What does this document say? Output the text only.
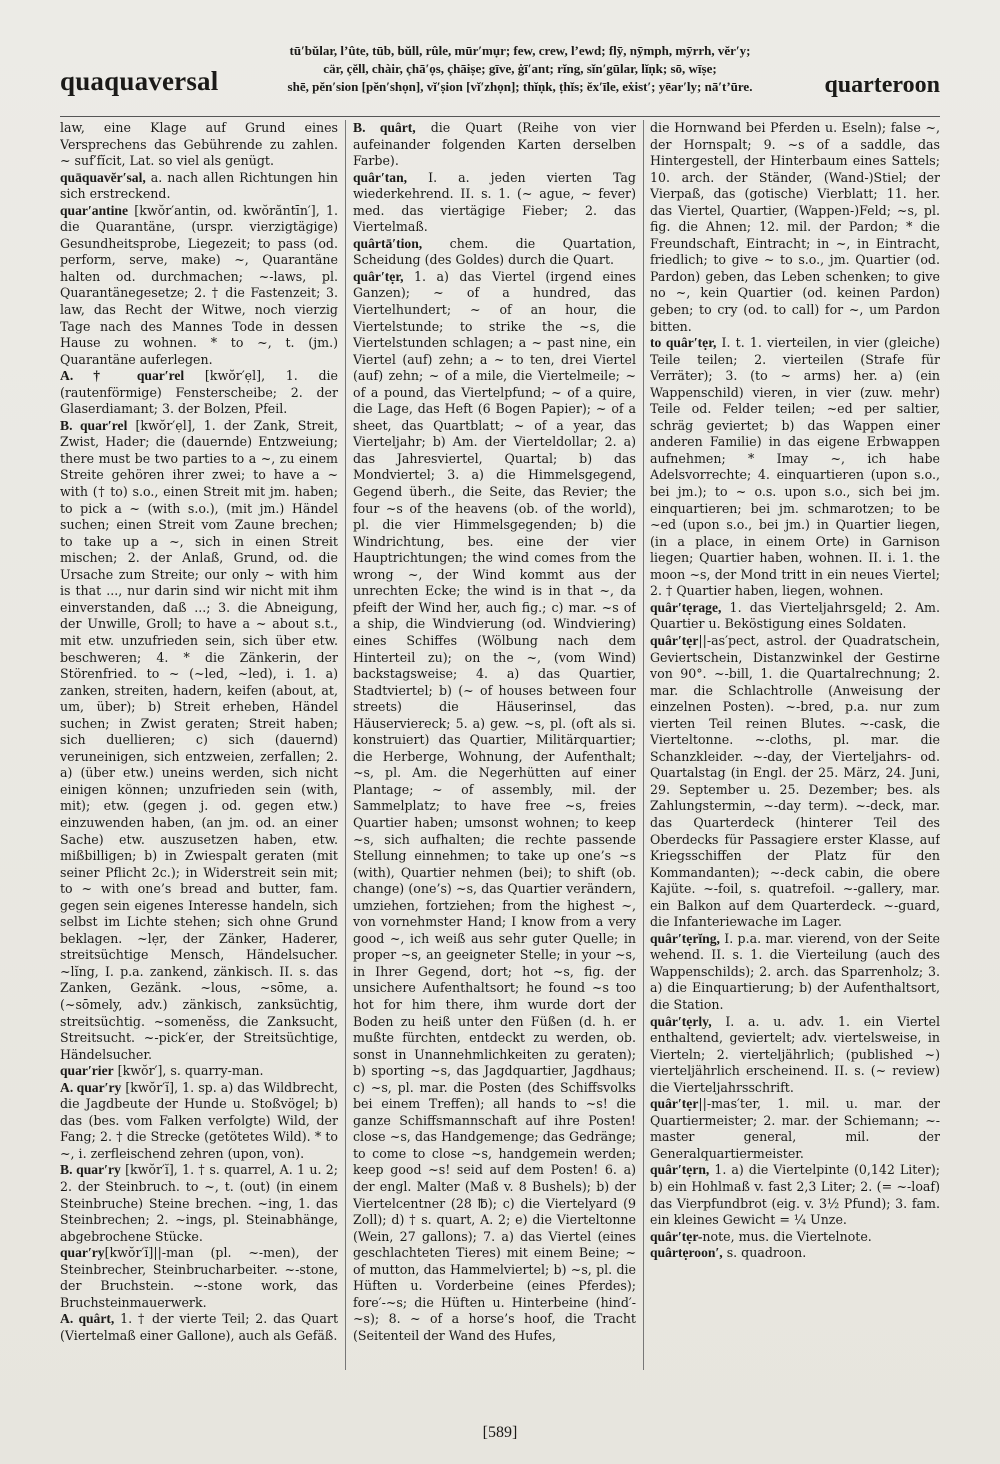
quaquaversal
tū′bŭlar, l’ûte, tūb, bŭll, rûle, mūr′mụr; few, crew, l’ewd; flȳ, nȳmph, mȳrrh, vĕr′y;
cär, çĕll, chàir, çhā′ọs, çhāiṣe; gīve, ġī′ant; rĭng, sĭn′gūlar, lĭṇk; sō, wīṣe;
shē, pĕn′sion [pĕn′shọn], vĭ′ṣion [vĭ′zhọn]; thĭṇk, ṭhĭs; ĕx′īle, eẋist′; yēar′ly; nā′t’ūre.	quarteroon

law, eine Klage auf Grund eines Versprechens das Gebührende zu zahlen. ~ suf′fĭcit, Lat. so viel als genügt.

quāquavĕr′sal, a. nach allen Richtungen hin sich erstreckend.

quar′antine [kwŏr′antin, od. kwŏrăntīn′], 1. die Quarantäne, (urspr. vierzigtägige) Gesundheitsprobe, Liegezeit; to pass (od. perform, serve, make) ~, Quarantäne halten od. durchmachen; ~-laws, pl. Quarantänegesetze; 2. † die Fastenzeit; 3. law, das Recht der Witwe, noch vierzig Tage nach des Mannes Tode in dessen Hause zu wohnen. * to ~, t. (jm.) Quarantäne auferlegen.

A. † quar′rel [kwŏr′ẹl], 1. die (rautenförmige) Fensterscheibe; 2. der Glaserdiamant; 3. der Bolzen, Pfeil.

B. quar′rel [kwŏr′ẹl], 1. der Zank, Streit, Zwist, Hader; die (dauernde) Entzweiung; there must be two parties to a ~, zu einem Streite gehören ihrer zwei; to have a ~ with († to) s.o., einen Streit mit jm. haben; to pick a ~ (with s.o.), (mit jm.) Händel suchen; einen Streit vom Zaune brechen; to take up a ~, sich in einen Streit mischen; 2. der Anlaß, Grund, od. die Ursache zum Streite; our only ~ with him is that ..., nur darin sind wir nicht mit ihm einverstanden, daß ...; 3. die Abneigung, der Unwille, Groll; to have a ~ about s.t., mit etw. unzufrieden sein, sich über etw. beschweren; 4. * die Zänkerin, der Störenfried. to ~ (~led, ~led), i. 1. a) zanken, streiten, hadern, keifen (about, at, um, über); b) Streit erheben, Händel suchen; in Zwist geraten; Streit haben; sich duellieren; c) sich (dauernd) veruneinigen, sich entzweien, zerfallen; 2. a) (über etw.) uneins werden, sich nicht einigen können; unzufrieden sein (with, mit); etw. (gegen j. od. gegen etw.) einzuwenden haben, (an jm. od. an einer Sache) etw. auszusetzen haben, etw. mißbilligen; b) in Zwiespalt geraten (mit seiner Pflicht 2c.); in Widerstreit sein mit; to ~ with one’s bread and butter, fam. gegen sein eigenes Interesse handeln, sich selbst im Lichte stehen; sich ohne Grund beklagen. ~lẹr, der Zänker, Haderer, streitsüchtige Mensch, Händelsucher. ~lĭng, I. p.a. zankend, zänkisch. II. s. das Zanken, Gezänk. ~lous, ~sōme, a. (~sōmely, adv.) zänkisch, zanksüchtig, streitsüchtig. ~somenĕss, die Zanksucht, Streitsucht. ~-pick′er, der Streitsüchtige, Händelsucher.

quar′rier [kwŏr′], s. quarry-man.

A. quar′ry [kwŏr′ĭ], 1. sp. a) das Wildbrecht, die Jagdbeute der Hunde u. Stoßvögel; b) das (bes. vom Falken verfolgte) Wild, der Fang; 2. † die Strecke (getötetes Wild). * to ~, i. zerfleischend zehren (upon, von).

B. quar′ry [kwŏr′ĭ], 1. † s. quarrel, A. 1 u. 2; 2. der Steinbruch. to ~, t. (out) (in einem Steinbruche) Steine brechen. ~ing, 1. das Steinbrechen; 2. ~ings, pl. Steinabhänge, abgebrochene Stücke.

quar′ry[kwŏr′ĭ]||-man (pl. ~-men), der Steinbrecher, Steinbrucharbeiter. ~-stone, der Bruchstein. ~-stone work, das Bruchsteinmauerwerk.

A. quârt, 1. † der vierte Teil; 2. das Quart (Viertelmaß einer Gallone), auch als Gefäß.

B. quârt, die Quart (Reihe von vier aufeinander folgenden Karten derselben Farbe).

quâr′tan, I. a. jeden vierten Tag wiederkehrend. II. s. 1. (~ ague, ~ fever) med. das viertägige Fieber; 2. das Viertelmaß.

quârtā′tion, chem. die Quartation, Scheidung (des Goldes) durch die Quart.

quâr′tẹr, 1. a) das Viertel (irgend eines Ganzen); ~ of a hundred, das Viertelhundert; ~ of an hour, die Viertelstunde; to strike the ~s, die Viertelstunden schlagen; a ~ past nine, ein Viertel (auf) zehn; a ~ to ten, drei Viertel (auf) zehn; ~ of a mile, die Viertelmeile; ~ of a pound, das Viertelpfund; ~ of a quire, die Lage, das Heft (6 Bogen Papier); ~ of a sheet, das Quartblatt; ~ of a year, das Vierteljahr; b) Am. der Vierteldollar; 2. a) das Jahresviertel, Quartal; b) das Mondviertel; 3. a) die Himmelsgegend, Gegend überh., die Seite, das Revier; the four ~s of the heavens (ob. of the world), pl. die vier Himmelsgegenden; b) die Windrichtung, bes. eine der vier Hauptrichtungen; the wind comes from the wrong ~, der Wind kommt aus der unrechten Ecke; the wind is in that ~, da pfeift der Wind her, auch fig.; c) mar. ~s of a ship, die Windvierung (od. Windviering) eines Schiffes (Wölbung nach dem Hinterteil zu); on the ~, (vom Wind) backstagsweise; 4. a) das Quartier, Stadtviertel; b) (~ of houses between four streets) die Häuserinsel, das Häuserviereck; 5. a) gew. ~s, pl. (oft als si. konstruiert) das Quartier, Militärquartier; die Herberge, Wohnung, der Aufenthalt; ~s, pl. Am. die Negerhütten auf einer Plantage; ~ of assembly, mil. der Sammelplatz; to have free ~s, freies Quartier haben; umsonst wohnen; to keep ~s, sich aufhalten; die rechte passende Stellung einnehmen; to take up one’s ~s (with), Quartier nehmen (bei); to shift (ob. change) (one’s) ~s, das Quartier verändern, umziehen, fortziehen; from the highest ~, von vornehmster Hand; I know from a very good ~, ich weiß aus sehr guter Quelle; in proper ~s, an geeigneter Stelle; in your ~s, in Ihrer Gegend, dort; hot ~s, fig. der unsichere Aufenthaltsort; he found ~s too hot for him there, ihm wurde dort der Boden zu heiß unter den Füßen (d. h. er mußte fürchten, entdeckt zu werden, ob. sonst in Unannehmlichkeiten zu geraten); b) sporting ~s, das Jagdquartier, Jagdhaus; c) ~s, pl. mar. die Posten (des Schiffsvolks bei einem Treffen); all hands to ~s! die ganze Schiffsmannschaft auf ihre Posten! close ~s, das Handgemenge; das Gedränge; to come to close ~s, handgemein werden; keep good ~s! seid auf dem Posten! 6. a) der engl. Malter (Maß v. 8 Bushels); b) der Viertelcentner (28 ℔); c) die Viertelyard (9 Zoll); d) † s. quart, A. 2; e) die Vierteltonne (Wein, 27 gallons); 7. a) das Viertel (eines geschlachteten Tieres) mit einem Beine; ~ of mutton, das Hammelviertel; b) ~s, pl. die Hüften u. Vorderbeine (eines Pferdes); fore′-~s; die Hüften u. Hinterbeine (hind′-~s); 8. ~ of a horse’s hoof, die Tracht (Seitenteil der Wand des Hufes,

die Hornwand bei Pferden u. Eseln); false ~, der Hornspalt; 9. ~s of a saddle, das Hintergestell, der Hinterbaum eines Sattels; 10. arch. der Ständer, (Wand-)Stiel; der Vierpaß, das (gotische) Vierblatt; 11. her. das Viertel, Quartier, (Wappen-)Feld; ~s, pl. fig. die Ahnen; 12. mil. der Pardon; * die Freundschaft, Eintracht; in ~, in Eintracht, friedlich; to give ~ to s.o., jm. Quartier (od. Pardon) geben, das Leben schenken; to give no ~, kein Quartier (od. keinen Pardon) geben; to cry (od. to call) for ~, um Pardon bitten.

to quâr′tẹr, I. t. 1. vierteilen, in vier (gleiche) Teile teilen; 2. vierteilen (Strafe für Verräter); 3. (to ~ arms) her. a) (ein Wappenschild) vieren, in vier (zuw. mehr) Teile od. Felder teilen; ~ed per saltier, schräg geviertet; b) das Wappen einer anderen Familie) in das eigene Erbwappen aufnehmen; * Imay ~, ich habe Adelsvorrechte; 4. einquartieren (upon s.o., bei jm.); to ~ o.s. upon s.o., sich bei jm. einquartieren; bei jm. schmarotzen; to be ~ed (upon s.o., bei jm.) in Quartier liegen, (in a place, in einem Orte) in Garnison liegen; Quartier haben, wohnen. II. i. 1. the moon ~s, der Mond tritt in ein neues Viertel; 2. † Quartier haben, liegen, wohnen.

quâr′tẹrage, 1. das Vierteljahrsgeld; 2. Am. Quartier u. Beköstigung eines Soldaten.

quâr′tẹr||-as′pect, astrol. der Quadratschein, Geviertschein, Distanzwinkel der Gestirne von 90°. ~-bill, 1. die Quartalrechnung; 2. mar. die Schlachtrolle (Anweisung der einzelnen Posten). ~-bred, p.a. nur zum vierten Teil reinen Blutes. ~-cask, die Vierteltonne. ~-cloths, pl. mar. die Schanzkleider. ~-day, der Vierteljahrs- od. Quartalstag (in Engl. der 25. März, 24. Juni, 29. September u. 25. Dezember; bes. als Zahlungstermin, ~-day term). ~-deck, mar. das Quarterdeck (hinterer Teil des Oberdecks für Passagiere erster Klasse, auf Kriegsschiffen der Platz für den Kommandanten); ~-deck cabin, die obere Kajüte. ~-foil, s. quatrefoil. ~-gallery, mar. ein Balkon auf dem Quarterdeck. ~-guard, die Infanteriewache im Lager.

quâr′tẹrĭng, I. p.a. mar. vierend, von der Seite wehend. II. s. 1. die Vierteilung (auch des Wappenschilds); 2. arch. das Sparrenholz; 3. a) die Einquartierung; b) der Aufenthaltsort, die Station.

quâr′tẹrly, I. a. u. adv. 1. ein Viertel enthaltend, geviertelt; adv. viertelsweise, in Vierteln; 2. vierteljährlich; (published ~) vierteljährlich erscheinend. II. s. (~ review) die Vierteljahrsschrift.

quâr′tẹr||-mas′ter, 1. mil. u. mar. der Quartiermeister; 2. mar. der Schiemann; ~-master general, mil. der Generalquartiermeister.

quâr′tẹrn, 1. a) die Viertelpinte (0,142 Liter); b) ein Hohlmaß v. fast 2,3 Liter; 2. (= ~-loaf) das Vierpfundbrot (eig. v. 3½ Pfund); 3. fam. ein kleines Gewicht = ¼ Unze.

quâr′tẹr-note, mus. die Viertelnote.

quârtẹroon′, s. quadroon.

[589]
